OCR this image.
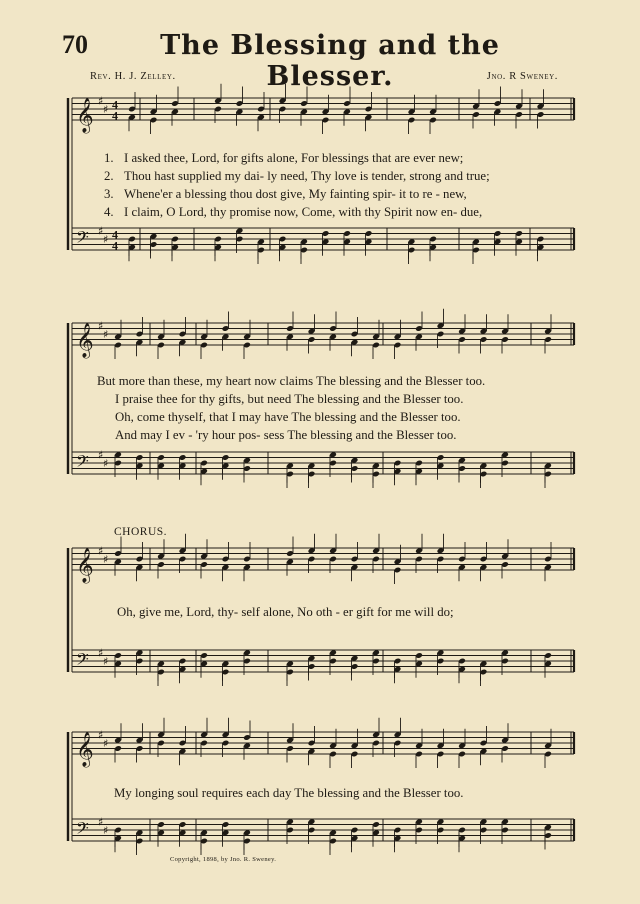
70	The Blessing and the Blesser.
Rev. H. J. Zelley.	Jno. R Sweney.
𝄞 ♯
♯ 4
4
𝄢 ♯
♯ 4
4
𝄞 ♯
♯
𝄢 ♯
♯
𝄞 ♯
♯
𝄢 ♯
♯
𝄞 ♯
♯
𝄢 ♯
♯
1. I asked thee, Lord, for gifts alone, For blessings that are ever new;
2. Thou hast supplied my dai- ly need, Thy love is tender, strong and true;
3. Whene'er a blessing thou dost give, My fainting spir- it to re - new,
4. I claim, O Lord, thy promise now, Come, with thy Spirit now en- due,
But more than these, my heart now claims The blessing and the Blesser too.
I praise thee for thy gifts, but need The blessing and the Blesser too.
Oh, come thyself, that I may have The blessing and the Blesser too.
And may I ev - 'ry hour pos- sess The blessing and the Blesser too.
CHORUS.
Oh, give me, Lord, thy- self alone, No oth - er gift for me will do;
My longing soul requires each day The blessing and the Blesser too.
Copyright, 1898, by Jno. R. Sweney.
